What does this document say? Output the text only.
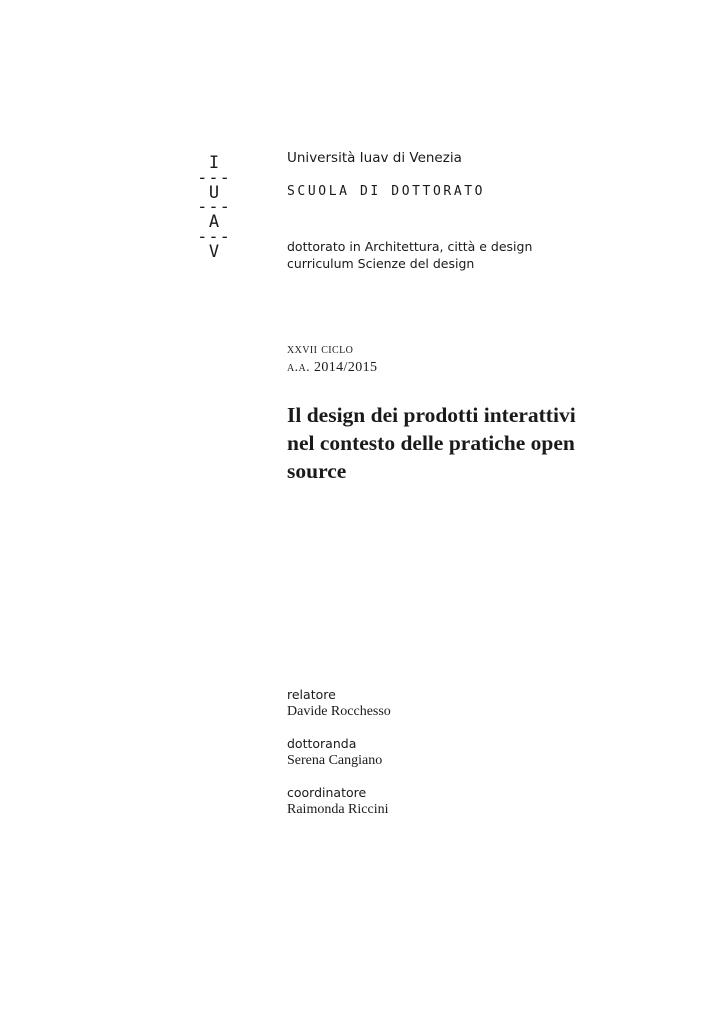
I
---
U
---
A
---
V
Università Iuav di Venezia
SCUOLA DI DOTTORATO
dottorato in Architettura, città e design
curriculum Scienze del design
xxvii ciclo
a.a. 2014/2015
Il design dei prodotti interattivi
nel contesto delle pratiche open
source
relatore
Davide Rocchesso
dottoranda
Serena Cangiano
coordinatore
Raimonda Riccini
